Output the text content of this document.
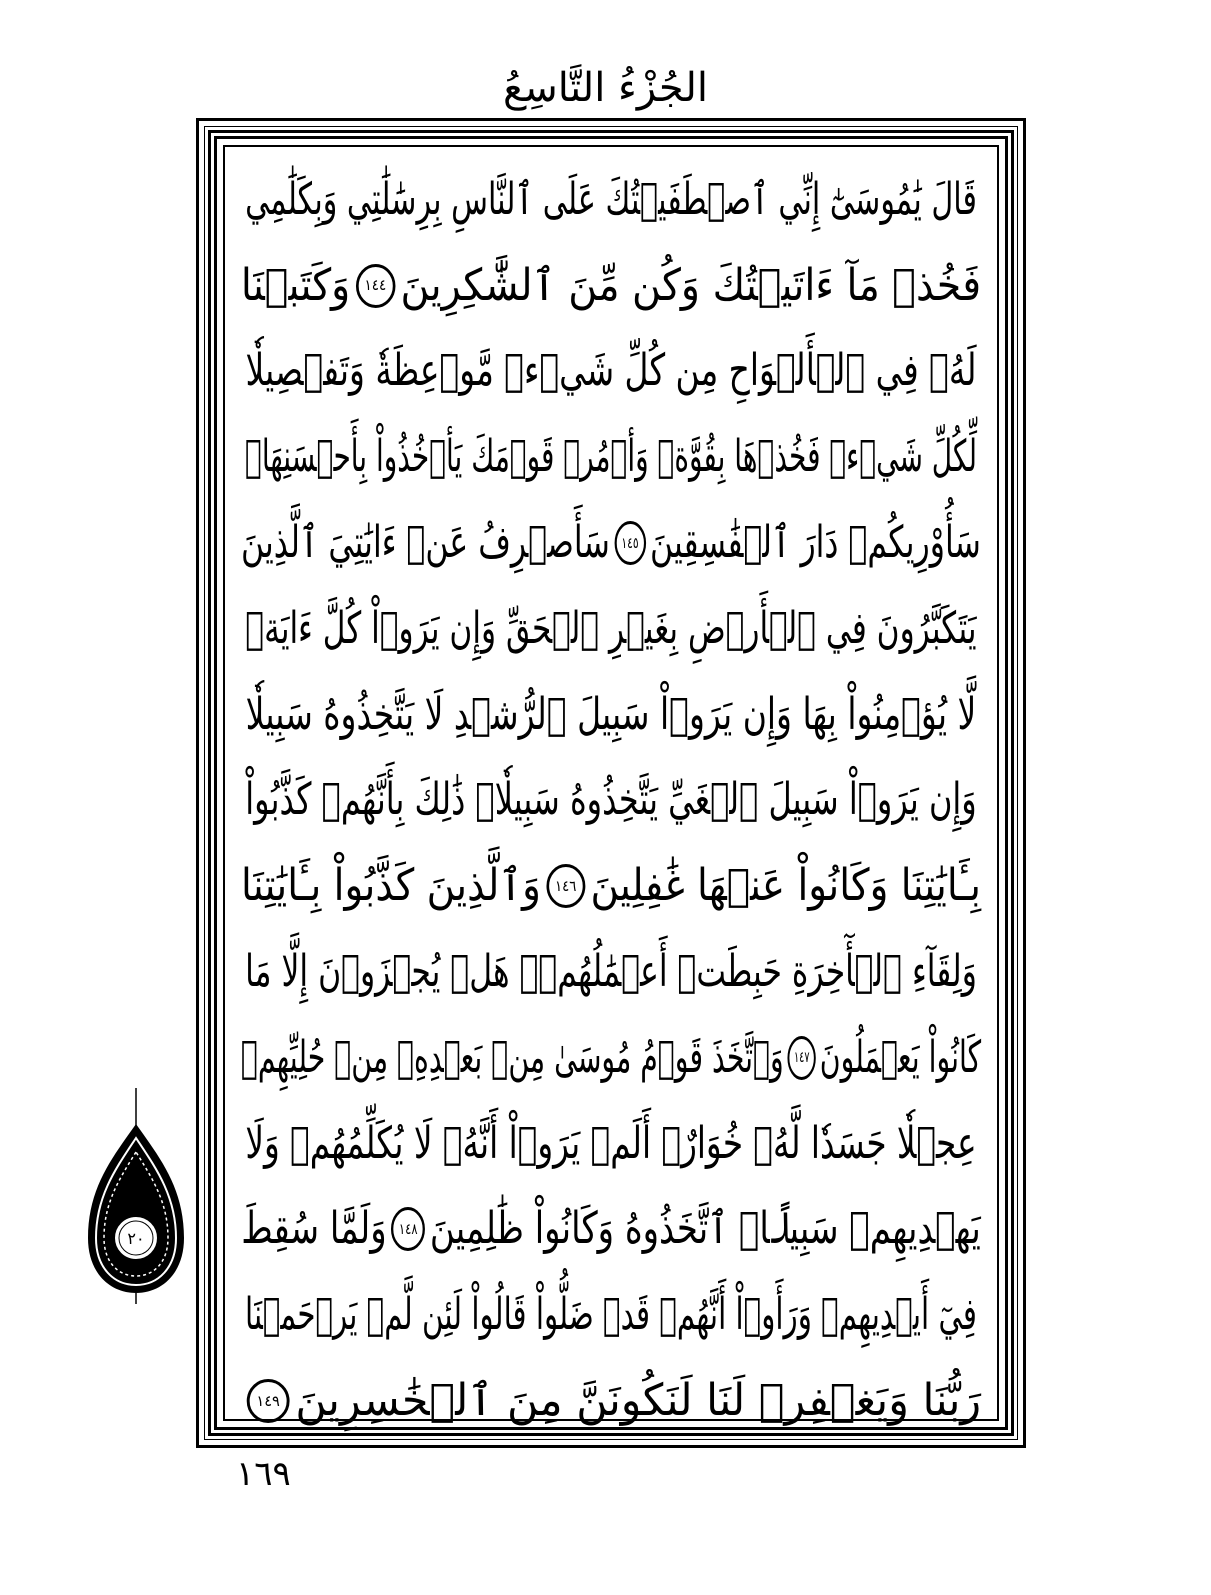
الجُزْءُ التَّاسِعُ
قَالَ يَٰمُوسَىٰٓ إِنِّي ٱصۡطَفَيۡتُكَ عَلَى ٱلنَّاسِ بِرِسَٰلَٰتِي وَبِكَلَٰمِي
فَخُذۡ مَآ ءَاتَيۡتُكَ وَكُن مِّنَ ٱلشَّٰكِرِينَ
١٤٤
وَكَتَبۡنَا
لَهُۥ فِي ٱلۡأَلۡوَاحِ مِن كُلِّ شَيۡءٖ مَّوۡعِظَةٗ وَتَفۡصِيلٗا
لِّكُلِّ شَيۡءٖ فَخُذۡهَا بِقُوَّةٖ وَأۡمُرۡ قَوۡمَكَ يَأۡخُذُواْ بِأَحۡسَنِهَاۚ
سَأُوْرِيكُمۡ دَارَ ٱلۡفَٰسِقِينَ
١٤٥
سَأَصۡرِفُ عَنۡ ءَايَٰتِيَ ٱلَّذِينَ
يَتَكَبَّرُونَ فِي ٱلۡأَرۡضِ بِغَيۡرِ ٱلۡحَقِّ وَإِن يَرَوۡاْ كُلَّ ءَايَةٖ
لَّا يُؤۡمِنُواْ بِهَا وَإِن يَرَوۡاْ سَبِيلَ ٱلرُّشۡدِ لَا يَتَّخِذُوهُ سَبِيلٗا
وَإِن يَرَوۡاْ سَبِيلَ ٱلۡغَيِّ يَتَّخِذُوهُ سَبِيلٗاۚ ذَٰلِكَ بِأَنَّهُمۡ كَذَّبُواْ
بِـَٔايَٰتِنَا وَكَانُواْ عَنۡهَا غَٰفِلِينَ
١٤٦
وَٱلَّذِينَ كَذَّبُواْ بِـَٔايَٰتِنَا
وَلِقَآءِ ٱلۡأٓخِرَةِ حَبِطَتۡ أَعۡمَٰلُهُمۡۚ هَلۡ يُجۡزَوۡنَ إِلَّا مَا
كَانُواْ يَعۡمَلُونَ
١٤٧
وَٱتَّخَذَ قَوۡمُ مُوسَىٰ مِنۢ بَعۡدِهِۦ مِنۡ حُلِيِّهِمۡ
عِجۡلٗا جَسَدٗا لَّهُۥ خُوَارٌۚ أَلَمۡ يَرَوۡاْ أَنَّهُۥ لَا يُكَلِّمُهُمۡ وَلَا
يَهۡدِيهِمۡ سَبِيلًاۘ ٱتَّخَذُوهُ وَكَانُواْ ظَٰلِمِينَ
١٤٨
وَلَمَّا سُقِطَ
فِيٓ أَيۡدِيهِمۡ وَرَأَوۡاْ أَنَّهُمۡ قَدۡ ضَلُّواْ قَالُواْ لَئِن لَّمۡ يَرۡحَمۡنَا
رَبُّنَا وَيَغۡفِرۡ لَنَا لَنَكُونَنَّ مِنَ ٱلۡخَٰسِرِينَ
١٤٩
٢٠
١٦٩
